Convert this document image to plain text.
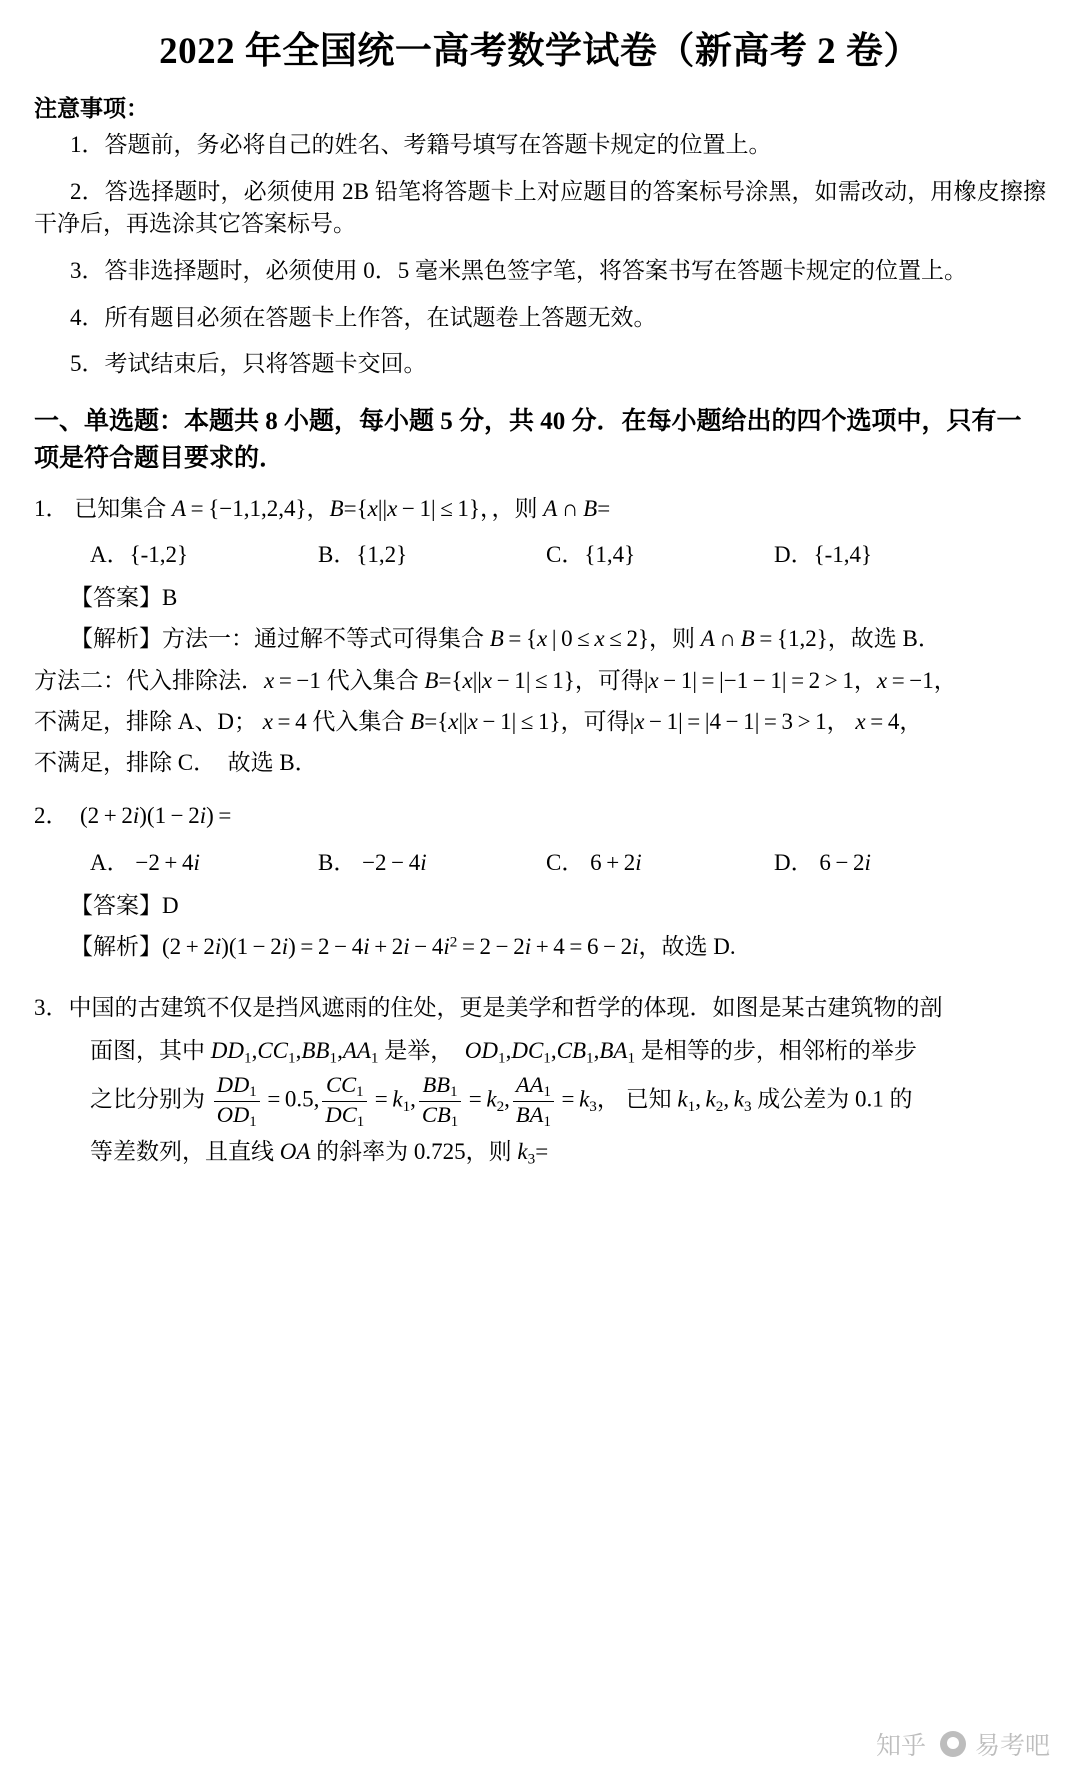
2022 年全国统一高考数学试卷（新高考 2 卷）
注意事项：
1．答题前，务必将自己的姓名、考籍号填写在答题卡规定的位置上。
2．答选择题时，必须使用 2B 铅笔将答题卡上对应题目的答案标号涂黑，如需改动，用橡皮擦擦干净后，再选涂其它答案标号。
3．答非选择题时，必须使用 0．5 毫米黑色签字笔，将答案书写在答题卡规定的位置上。
4．所有题目必须在答题卡上作答，在试题卷上答题无效。
5．考试结束后，只将答题卡交回。
一、单选题：本题共 8 小题，每小题 5 分，共 40 分．在每小题给出的四个选项中，只有一项是符合题目要求的．
1． 已知集合 A = {−1,1,2,4}，B={x||x − 1| ≤ 1}，，则 A ∩ B=
A．{-1,2}	B．{1,2}	C．{1,4}	D．{-1,4}
【答案】B
【解析】方法一：通过解不等式可得集合 B = {x | 0 ≤ x ≤ 2}，则 A ∩ B = {1,2}，故选 B．
方法二：代入排除法．x = −1 代入集合 B={x||x − 1| ≤ 1}，可得|x − 1| = |−1 − 1| = 2 > 1，x = −1，
不满足，排除 A、D； x = 4 代入集合 B={x||x − 1| ≤ 1}，可得|x − 1| = |4 − 1| = 3 > 1， x = 4，
不满足，排除 C．  故选 B．
2． (2 + 2i)(1 − 2i) =
A． −2 + 4i	B． −2 − 4i	C． 6 + 2i	D． 6 − 2i
【答案】D
【解析】$(2 + 2i)(1 - 2i) = 2 - 4i + 2i - 4i^2 = 2 - 2i + 4 = 6 - 2i$，故选 D.
3．中国的古建筑不仅是挡风遮雨的住处，更是美学和哲学的体现．如图是某古建筑物的剖
面图，其中 $DD_1,CC_1,BB_1,AA_1$ 是举， $OD_1,DC_1,CB_1,BA_1$ 是相等的步，相邻桁的举步
之比分别为 $\frac{DD_1}{OD_1} = 0.5$, $\frac{CC_1}{DC_1} = k_1$, $\frac{BB_1}{CB_1} = k_2$, $\frac{AA_1}{BA_1} = k_3$， 已知 $k_1$, $k_2$, $k_3$ 成公差为 0.1 的
等差数列，且直线 OA 的斜率为 0.725，则 $k_3=$
知乎 易考吧
